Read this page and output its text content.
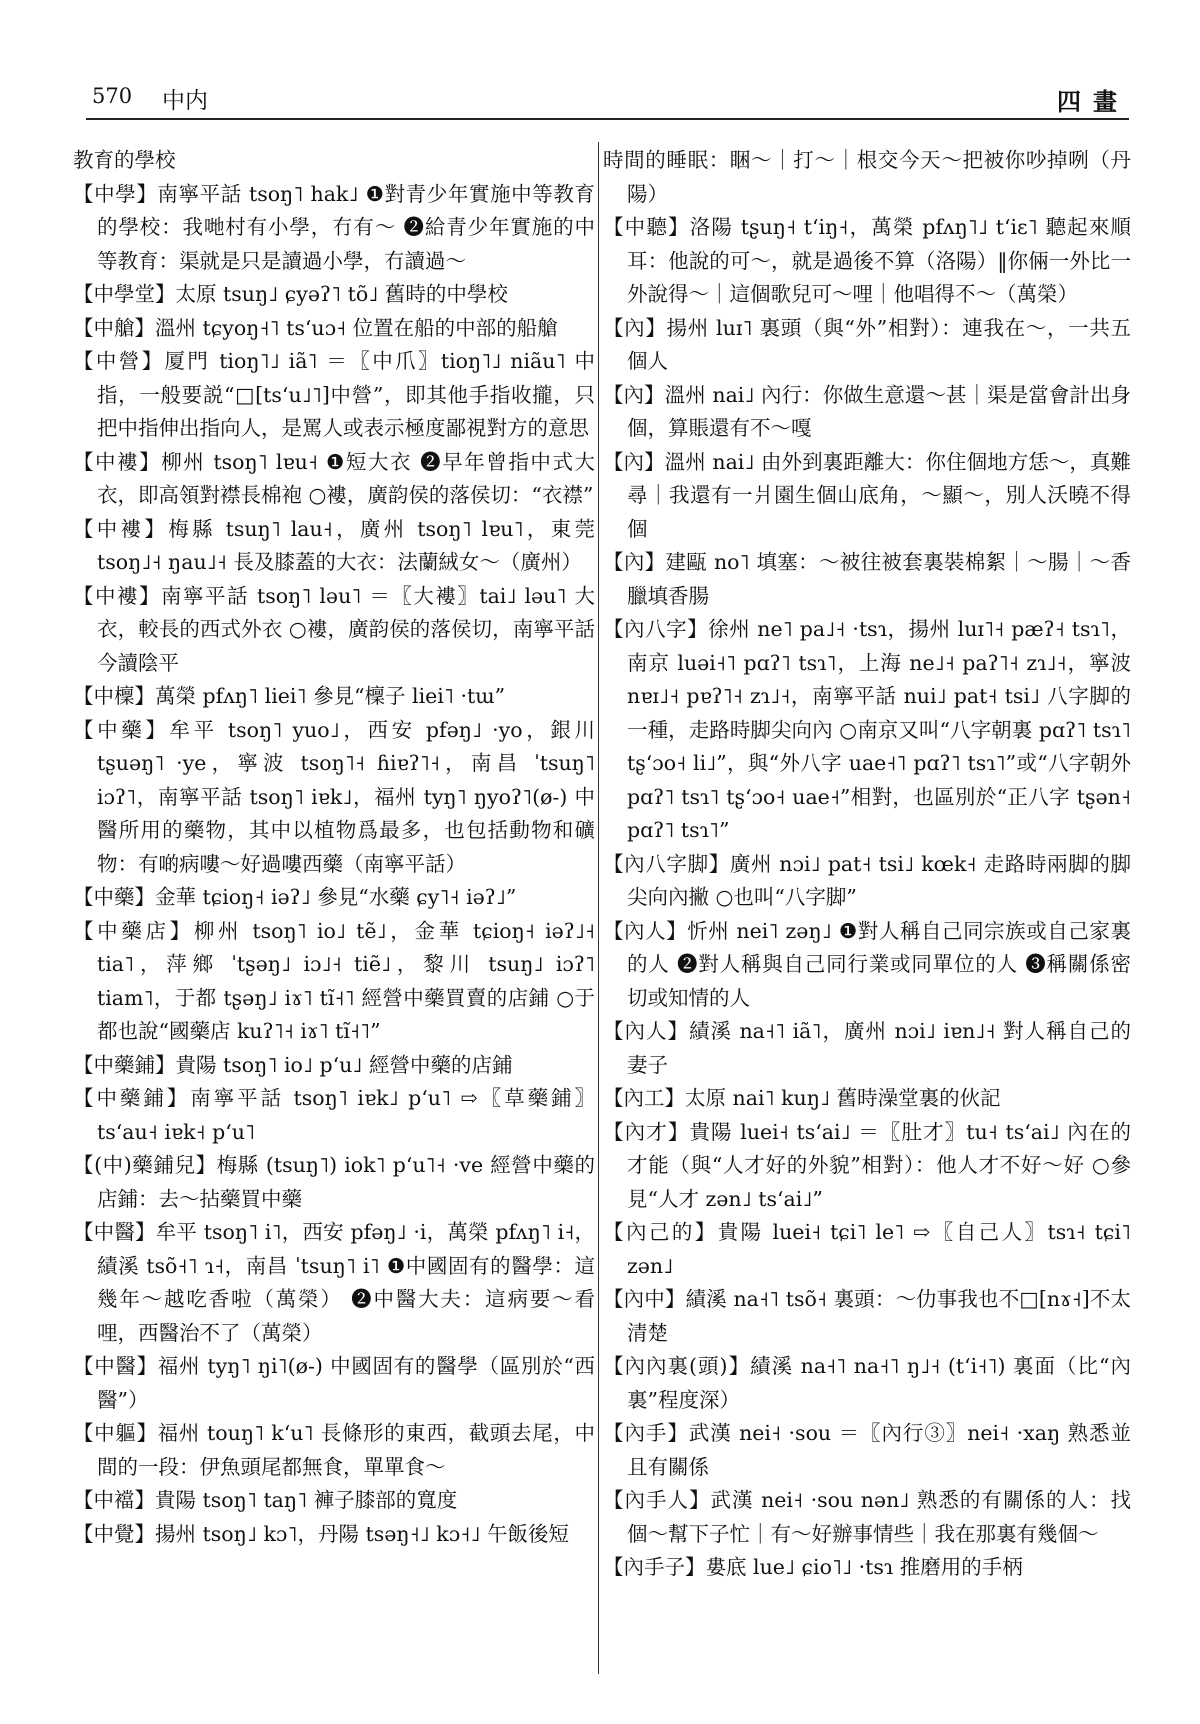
570 中内	四畫

教育的學校

【中學】南寧平話 tsoŋ˥ hak˩ ❶對青少年實施中等教育的學校：我哋村有小學，冇有～ ❷給青少年實施的中等教育：渠就是只是讀過小學，冇讀過～

【中學堂】太原 tsuŋ˩ ɕyəʔ˥ tõ˩ 舊時的中學校

【中艙】溫州 tɕyoŋ˧˥ tsʻuɔ˧ 位置在船的中部的船艙

【中營】厦門 tioŋ˥˩ iã˥ ＝〖中爪〗tioŋ˥˩ niãu˥ 中指，一般要説“□[tsʻu˩˥]中營”，即其他手指收攏，只把中指伸出指向人，是罵人或表示極度鄙視對方的意思

【中褸】柳州 tsoŋ˥ lɐu˧ ❶短大衣 ❷早年曾指中式大衣，即高領對襟長棉袍 ○褸，廣韵侯的落侯切：“衣襟”

【中褸】梅縣 tsuŋ˥ lau˧，廣州 tsoŋ˥ lɐu˥，東莞 tsoŋ˩˧ ŋau˩˧ 長及膝蓋的大衣：法蘭絨女～（廣州）

【中褸】南寧平話 tsoŋ˥ ləu˥ ＝〖大褸〗tai˩ ləu˥ 大衣，較長的西式外衣 ○褸，廣韵侯的落侯切，南寧平話今讀陰平

【中檁】萬榮 pfʌŋ˥ liei˥ 參見“檁子 liei˥ ·tɯ”

【中藥】牟平 tsoŋ˥ yuo˩，西安 pfəŋ˩ ·yo，銀川 tʂuəŋ˥ ·ye，寧波 tsoŋ˥˧ ɦiɐʔ˥˧，南昌 ˈtsuŋ˥ iɔʔ˥，南寧平話 tsoŋ˥ iɐk˩，福州 tyŋ˥ ŋyoʔ˥(ø-) 中醫所用的藥物，其中以植物爲最多，也包括動物和礦物：有啲病嘍～好過嘍西藥（南寧平話）

【中藥】金華 tɕioŋ˧ iəʔ˩ 參見“水藥 ɕy˥˧ iəʔ˩”

【中藥店】柳州 tsoŋ˥ io˩ tẽ˩，金華 tɕioŋ˧ iəʔ˩˧ tia˥，萍鄉 ˈtʂəŋ˩ iɔ˩˧ tiẽ˩，黎川 tsuŋ˩ iɔʔ˥ tiam˥，于都 tʂəŋ˩ iɤ˥ tĩ˧˥ 經營中藥買賣的店鋪 ○于都也說“國藥店 kuʔ˥˧ iɤ˥ tĩ˧˥”

【中藥鋪】貴陽 tsoŋ˥ io˩ pʻu˩ 經營中藥的店鋪

【中藥鋪】南寧平話 tsoŋ˥ iɐk˩ pʻu˥ ⇨〖草藥鋪〗tsʻau˧ iɐk˧ pʻu˥

【(中)藥鋪兒】梅縣 (tsuŋ˥) iok˥ pʻu˥˧ ·ve 經營中藥的店鋪：去～拈藥買中藥

【中醫】牟平 tsoŋ˥ i˥，西安 pfəŋ˩ ·i，萬榮 pfʌŋ˥ i˧，績溪 tsõ˧˥ ɿ˧，南昌 ˈtsuŋ˥ i˥ ❶中國固有的醫學：這幾年～越吃香啦（萬榮） ❷中醫大夫：這病要～看哩，西醫治不了（萬榮）

【中醫】福州 tyŋ˥ ŋi˥(ø-) 中國固有的醫學（區別於“西醫”）

【中軀】福州 touŋ˥ kʻu˥ 長條形的東西，截頭去尾，中間的一段：伊魚頭尾都無食，單單食～

【中襠】貴陽 tsoŋ˥ taŋ˥ 褲子膝部的寬度

【中覺】揚州 tsoŋ˩ kɔ˥，丹陽 tsəŋ˧˩ kɔ˧˩ 午飯後短

時間的睡眠：睏～｜打～｜根交今天～把被你吵掉咧（丹陽）

【中聽】洛陽 tʂuŋ˧ tʻiŋ˧，萬榮 pfʌŋ˥˩ tʻiɛ˥ 聽起來順耳：他說的可～，就是過後不算（洛陽）‖你倆一外比一外說得～｜這個歌兒可～哩｜他唱得不～（萬榮）

【內】揚州 luɪ˥ 裏頭（與“外”相對）：連我在～，一共五個人

【內】溫州 nai˩ 內行：你做生意還～甚｜渠是當會計出身個，算賬還有不～嘎

【內】溫州 nai˩ 由外到裏距離大：你住個地方恁～，真難尋｜我還有一爿園生個山底角，～顯～，別人沃曉不得個

【內】建甌 no˥ 填塞：～被往被套裏裝棉絮｜～腸｜～香臘填香腸

【內八字】徐州 ne˥ pa˩˧ ·tsɿ，揚州 luɪ˥˧ pæʔ˧ tsɿ˥，南京 luəi˧˥ pɑʔ˥ tsɿ˥，上海 ne˩˧ paʔ˥˧ zɿ˩˧，寧波 nɐɪ˩˧ pɐʔ˥˧ zɿ˩˧，南寧平話 nui˩ pat˧ tsi˩ 八字脚的一種，走路時脚尖向內 ○南京又叫“八字朝裏 pɑʔ˥ tsɿ˥ tʂʻɔo˧ li˩”，與“外八字 uae˧˥ pɑʔ˥ tsɿ˥”或“八字朝外 pɑʔ˥ tsɿ˥ tʂʻɔo˧ uae˧”相對，也區別於“正八字 tʂən˧ pɑʔ˥ tsɿ˥”

【內八字脚】廣州 nɔi˩ pat˧ tsi˩ kœk˧ 走路時兩脚的脚尖向內撇 ○也叫“八字脚”

【內人】忻州 nei˥ zəŋ˩ ❶對人稱自己同宗族或自己家裏的人 ❷對人稱與自己同行業或同單位的人 ❸稱關係密切或知情的人

【內人】績溪 na˧˥ iã˥，廣州 nɔi˩ iɐn˩˧ 對人稱自己的妻子

【內工】太原 nai˥ kuŋ˩ 舊時澡堂裏的伙記

【內才】貴陽 luei˧ tsʻai˩ ＝〖肚才〗tu˧ tsʻai˩ 內在的才能（與“人才好的外貌”相對）：他人才不好～好 ○參見“人才 zən˩ tsʻai˩”

【內己的】貴陽 luei˧ tɕi˥ le˥ ⇨〖自己人〗tsɿ˧ tɕi˥ zən˩

【內中】績溪 na˧˥ tsõ˧ 裏頭：～仂事我也不□[nɤ˧]不太清楚

【內內裏(頭)】績溪 na˧˥ na˧˥ ŋ˩˧ (tʻi˧˥) 裏面（比“內裏”程度深）

【內手】武漢 nei˧ ·sou ＝〖內行③〗nei˧ ·xaŋ 熟悉並且有關係

【內手人】武漢 nei˧ ·sou nən˩ 熟悉的有關係的人：找個～幫下子忙｜有～好辦事情些｜我在那裏有幾個～

【內手子】婁底 lue˩ ɕio˥˩ ·tsɿ 推磨用的手柄
